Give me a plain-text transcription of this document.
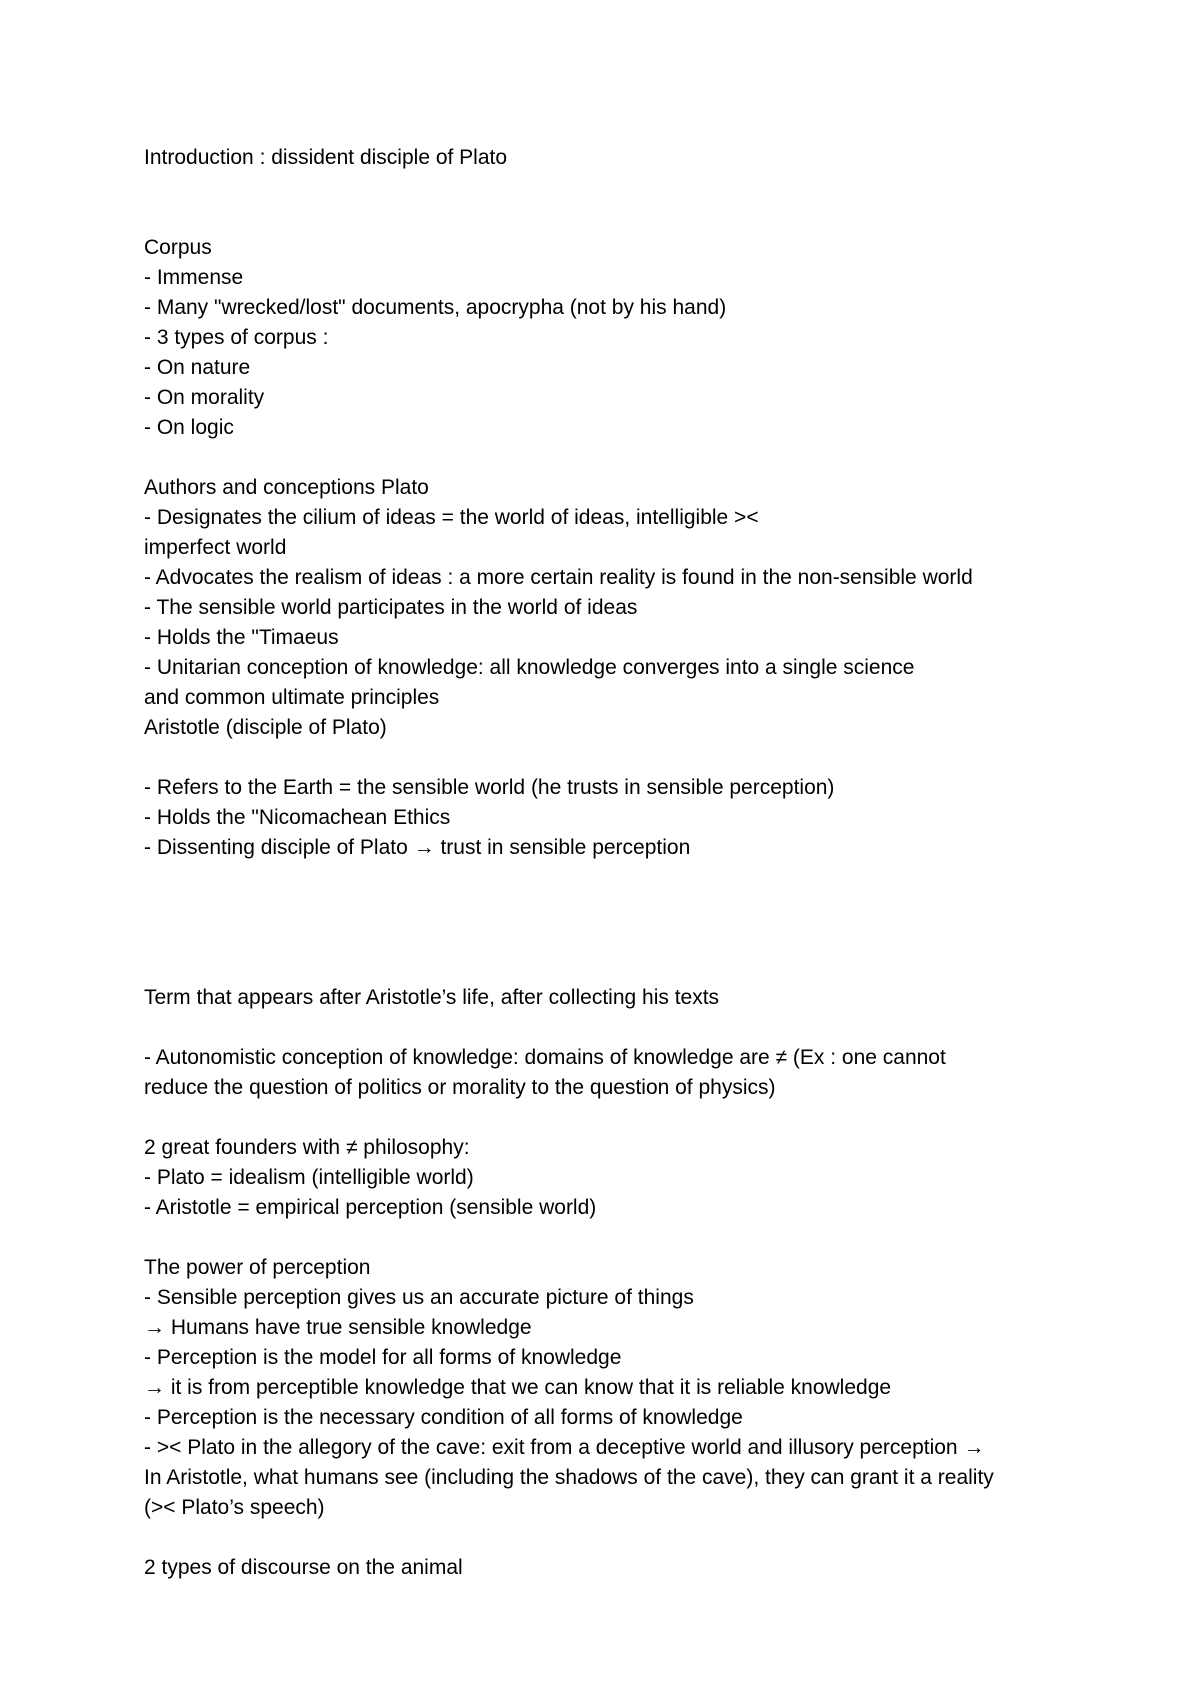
Introduction : dissident disciple of Plato
Corpus
- Immense
- Many "wrecked/lost" documents, apocrypha (not by his hand)
- 3 types of corpus :
- On nature
- On morality
- On logic
Authors and conceptions Plato
- Designates the cilium of ideas = the world of ideas, intelligible ><
imperfect world
- Advocates the realism of ideas : a more certain reality is found in the non-sensible world
- The sensible world participates in the world of ideas
- Holds the "Timaeus
- Unitarian conception of knowledge: all knowledge converges into a single science
and common ultimate principles
Aristotle (disciple of Plato)
- Refers to the Earth = the sensible world (he trusts in sensible perception)
- Holds the "Nicomachean Ethics
- Dissenting disciple of Plato → trust in sensible perception
Term that appears after Aristotle’s life, after collecting his texts
- Autonomistic conception of knowledge: domains of knowledge are ≠ (Ex : one cannot
reduce the question of politics or morality to the question of physics)
2 great founders with ≠ philosophy:
- Plato = idealism (intelligible world)
- Aristotle = empirical perception (sensible world)
The power of perception
- Sensible perception gives us an accurate picture of things
→ Humans have true sensible knowledge
- Perception is the model for all forms of knowledge
→ it is from perceptible knowledge that we can know that it is reliable knowledge
- Perception is the necessary condition of all forms of knowledge
- >< Plato in the allegory of the cave: exit from a deceptive world and illusory perception →
In Aristotle, what humans see (including the shadows of the cave), they can grant it a reality
(>< Plato’s speech)
2 types of discourse on the animal
